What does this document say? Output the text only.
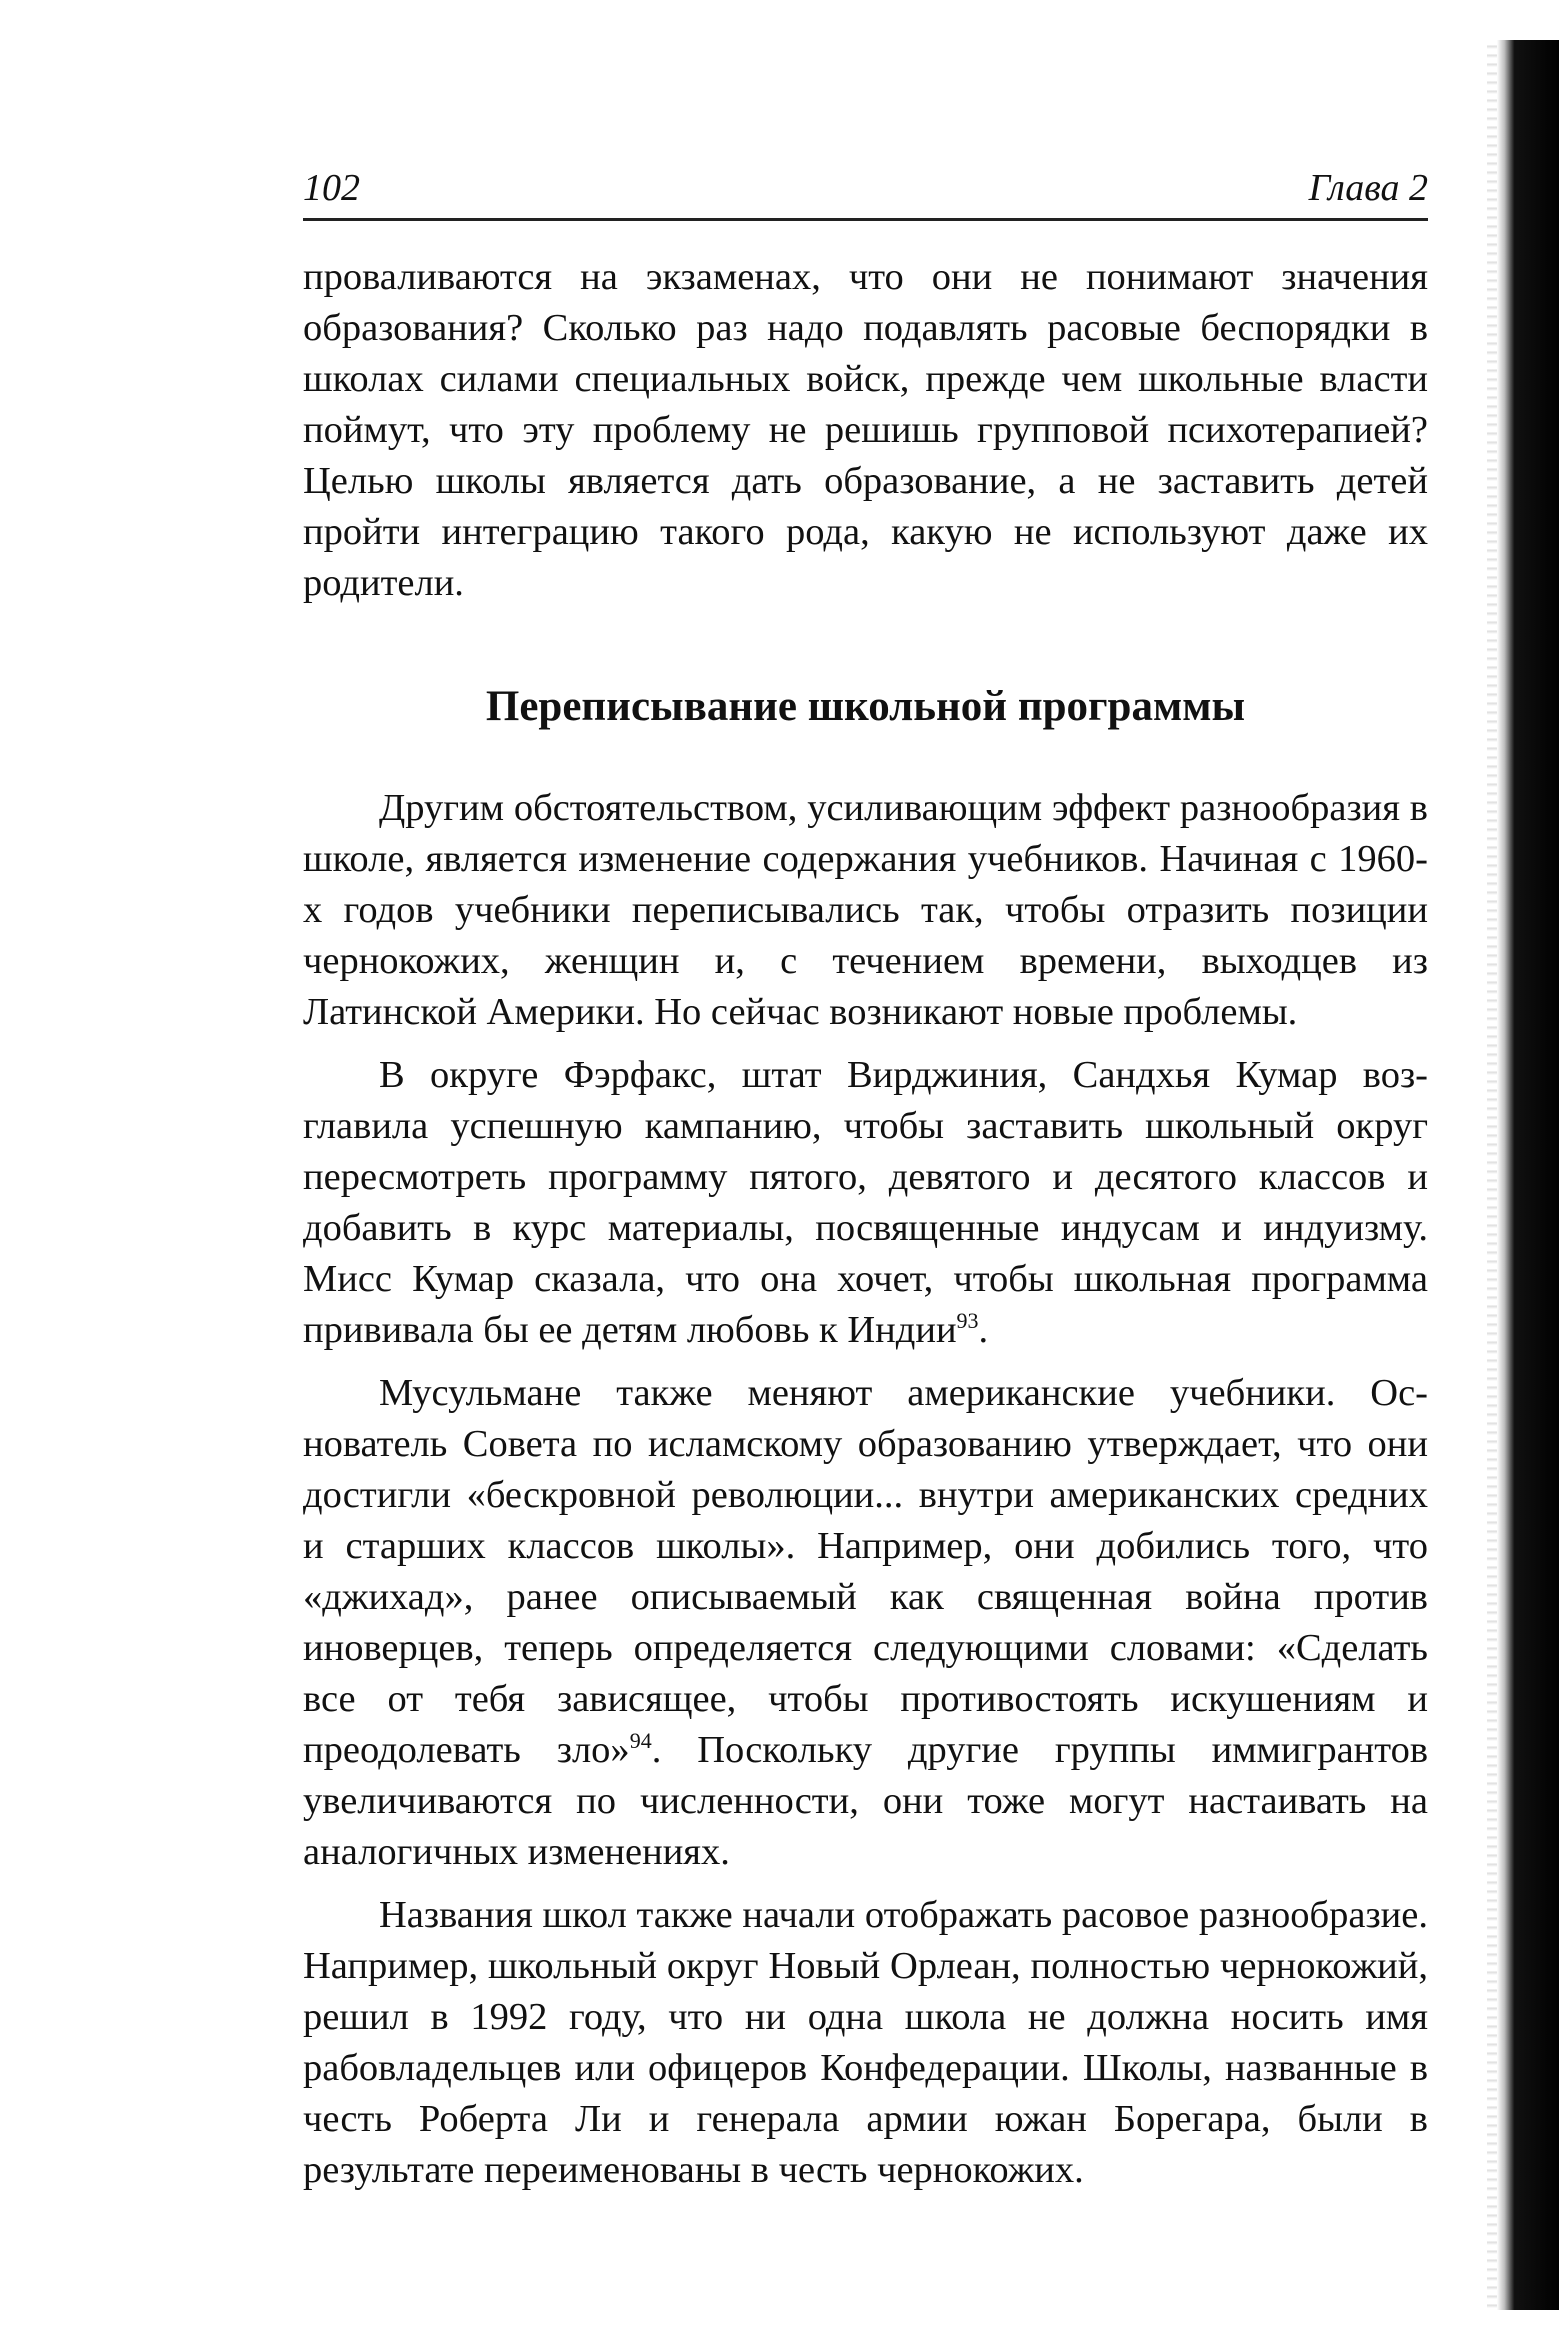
102	Глава 2

проваливаются на экзаменах, что они не понимают значения образования? Сколько раз надо подавлять расовые беспорядки в школах силами специальных войск, прежде чем школьные власти поймут, что эту проблему не решишь групповой психотерапией? Целью школы является дать образование, а не заставить детей пройти интеграцию такого рода, какую не используют даже их родители.

Переписывание школьной программы

Другим обстоятельством, усиливающим эффект разнообразия в школе, является изменение содержания учебников. Начиная с 1960-х годов учебники переписывались так, чтобы отразить позиции чернокожих, женщин и, с течением времени, выходцев из Латинской Америки. Но сейчас возникают новые проблемы.

В округе Фэрфакс, штат Вирджиния, Сандхья Кумар возглавила успешную кампанию, чтобы заставить школьный округ пересмотреть программу пятого, девятого и десятого классов и добавить в курс материалы, посвященные индусам и индуизму. Мисс Кумар сказала, что она хочет, чтобы школьная программа прививала бы ее детям любовь к Индии$^{93}$.

Мусульмане также меняют американские учебники. Основатель Совета по исламскому образованию утверждает, что они достигли «бескровной революции... внутри американских средних и старших классов школы». Например, они добились того, что «джихад», ранее описываемый как священная война против иноверцев, теперь определяется следующими словами: «Сделать все от тебя зависящее, чтобы противостоять искушениям и преодолевать зло»$^{94}$. Поскольку другие группы иммигрантов увеличиваются по численности, они тоже могут настаивать на аналогичных изменениях.

Названия школ также начали отображать расовое разнообразие. Например, школьный округ Новый Орлеан, полностью чернокожий, решил в 1992 году, что ни одна школа не должна носить имя рабовладельцев или офицеров Конфедерации. Школы, названные в честь Роберта Ли и генерала армии южан Борегара, были в результате переименованы в честь чернокожих.
